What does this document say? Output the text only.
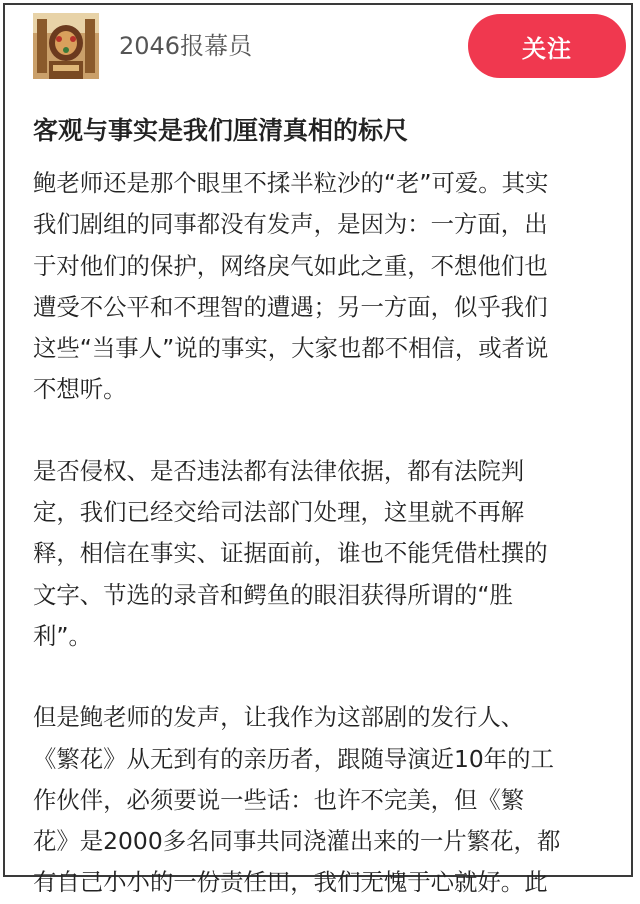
2046报幕员	关注
客观与事实是我们厘清真相的标尺
鲍老师还是那个眼里不揉半粒沙的“老”可爱。其实
我们剧组的同事都没有发声，是因为：一方面，出
于对他们的保护，网络戾气如此之重，不想他们也
遭受不公平和不理智的遭遇；另一方面，似乎我们
这些“当事人”说的事实，大家也都不相信，或者说
不想听。
是否侵权、是否违法都有法律依据，都有法院判
定，我们已经交给司法部门处理，这里就不再解
释，相信在事实、证据面前，谁也不能凭借杜撰的
文字、节选的录音和鳄鱼的眼泪获得所谓的“胜
利”。
但是鲍老师的发声，让我作为这部剧的发行人、
《繁花》从无到有的亲历者，跟随导演近10年的工
作伙伴，必须要说一些话：也许不完美，但《繁
花》是2000多名同事共同浇灌出来的一片繁花，都
有自己小小的一份责任田，我们无愧于心就好。此
